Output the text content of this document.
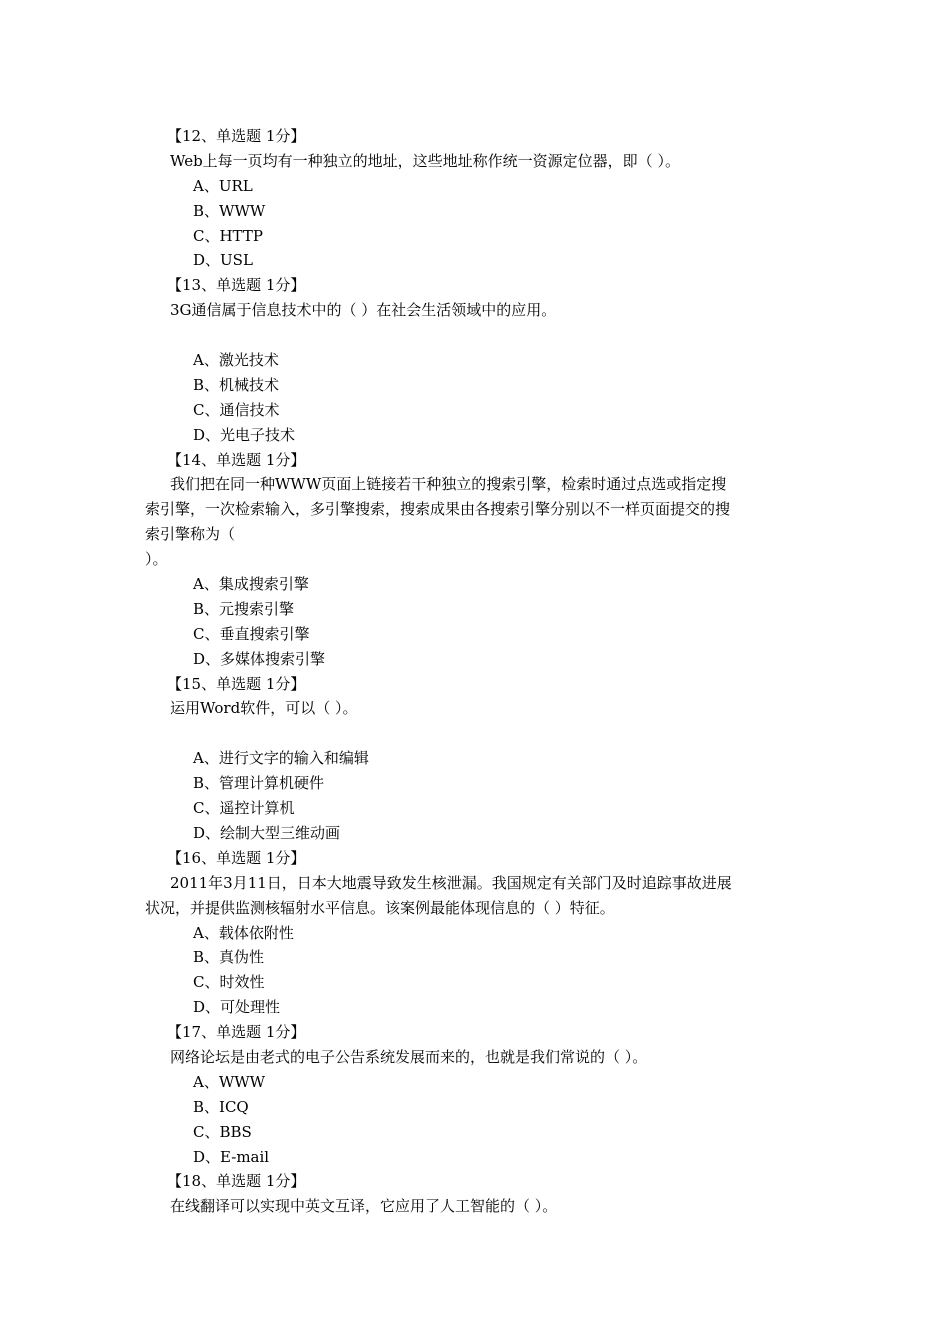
【12、单选题 1分】
Web上每一页均有一种独立的地址，这些地址称作统一资源定位器，即（ ）。
A、URL
B、WWW
C、HTTP
D、USL
【13、单选题 1分】
3G通信属于信息技术中的（ ）在社会生活领域中的应用。
A、激光技术
B、机械技术
C、通信技术
D、光电子技术
【14、单选题 1分】
我们把在同一种WWW页面上链接若干种独立的搜索引擎，检索时通过点选或指定搜
索引擎，一次检索输入，多引擎搜索，搜索成果由各搜索引擎分别以不一样页面提交的搜
索引擎称为（
）。
A、集成搜索引擎
B、元搜索引擎
C、垂直搜索引擎
D、多媒体搜索引擎
【15、单选题 1分】
运用Word软件，可以（ ）。
A、进行文字的输入和编辑
B、管理计算机硬件
C、遥控计算机
D、绘制大型三维动画
【16、单选题 1分】
2011年3月11日，日本大地震导致发生核泄漏。我国规定有关部门及时追踪事故进展
状况，并提供监测核辐射水平信息。该案例最能体现信息的（ ）特征。
A、载体依附性
B、真伪性
C、时效性
D、可处理性
【17、单选题 1分】
网络论坛是由老式的电子公告系统发展而来的，也就是我们常说的（ ）。
A、WWW
B、ICQ
C、BBS
D、E-mail
【18、单选题 1分】
在线翻译可以实现中英文互译，它应用了人工智能的（ ）。
